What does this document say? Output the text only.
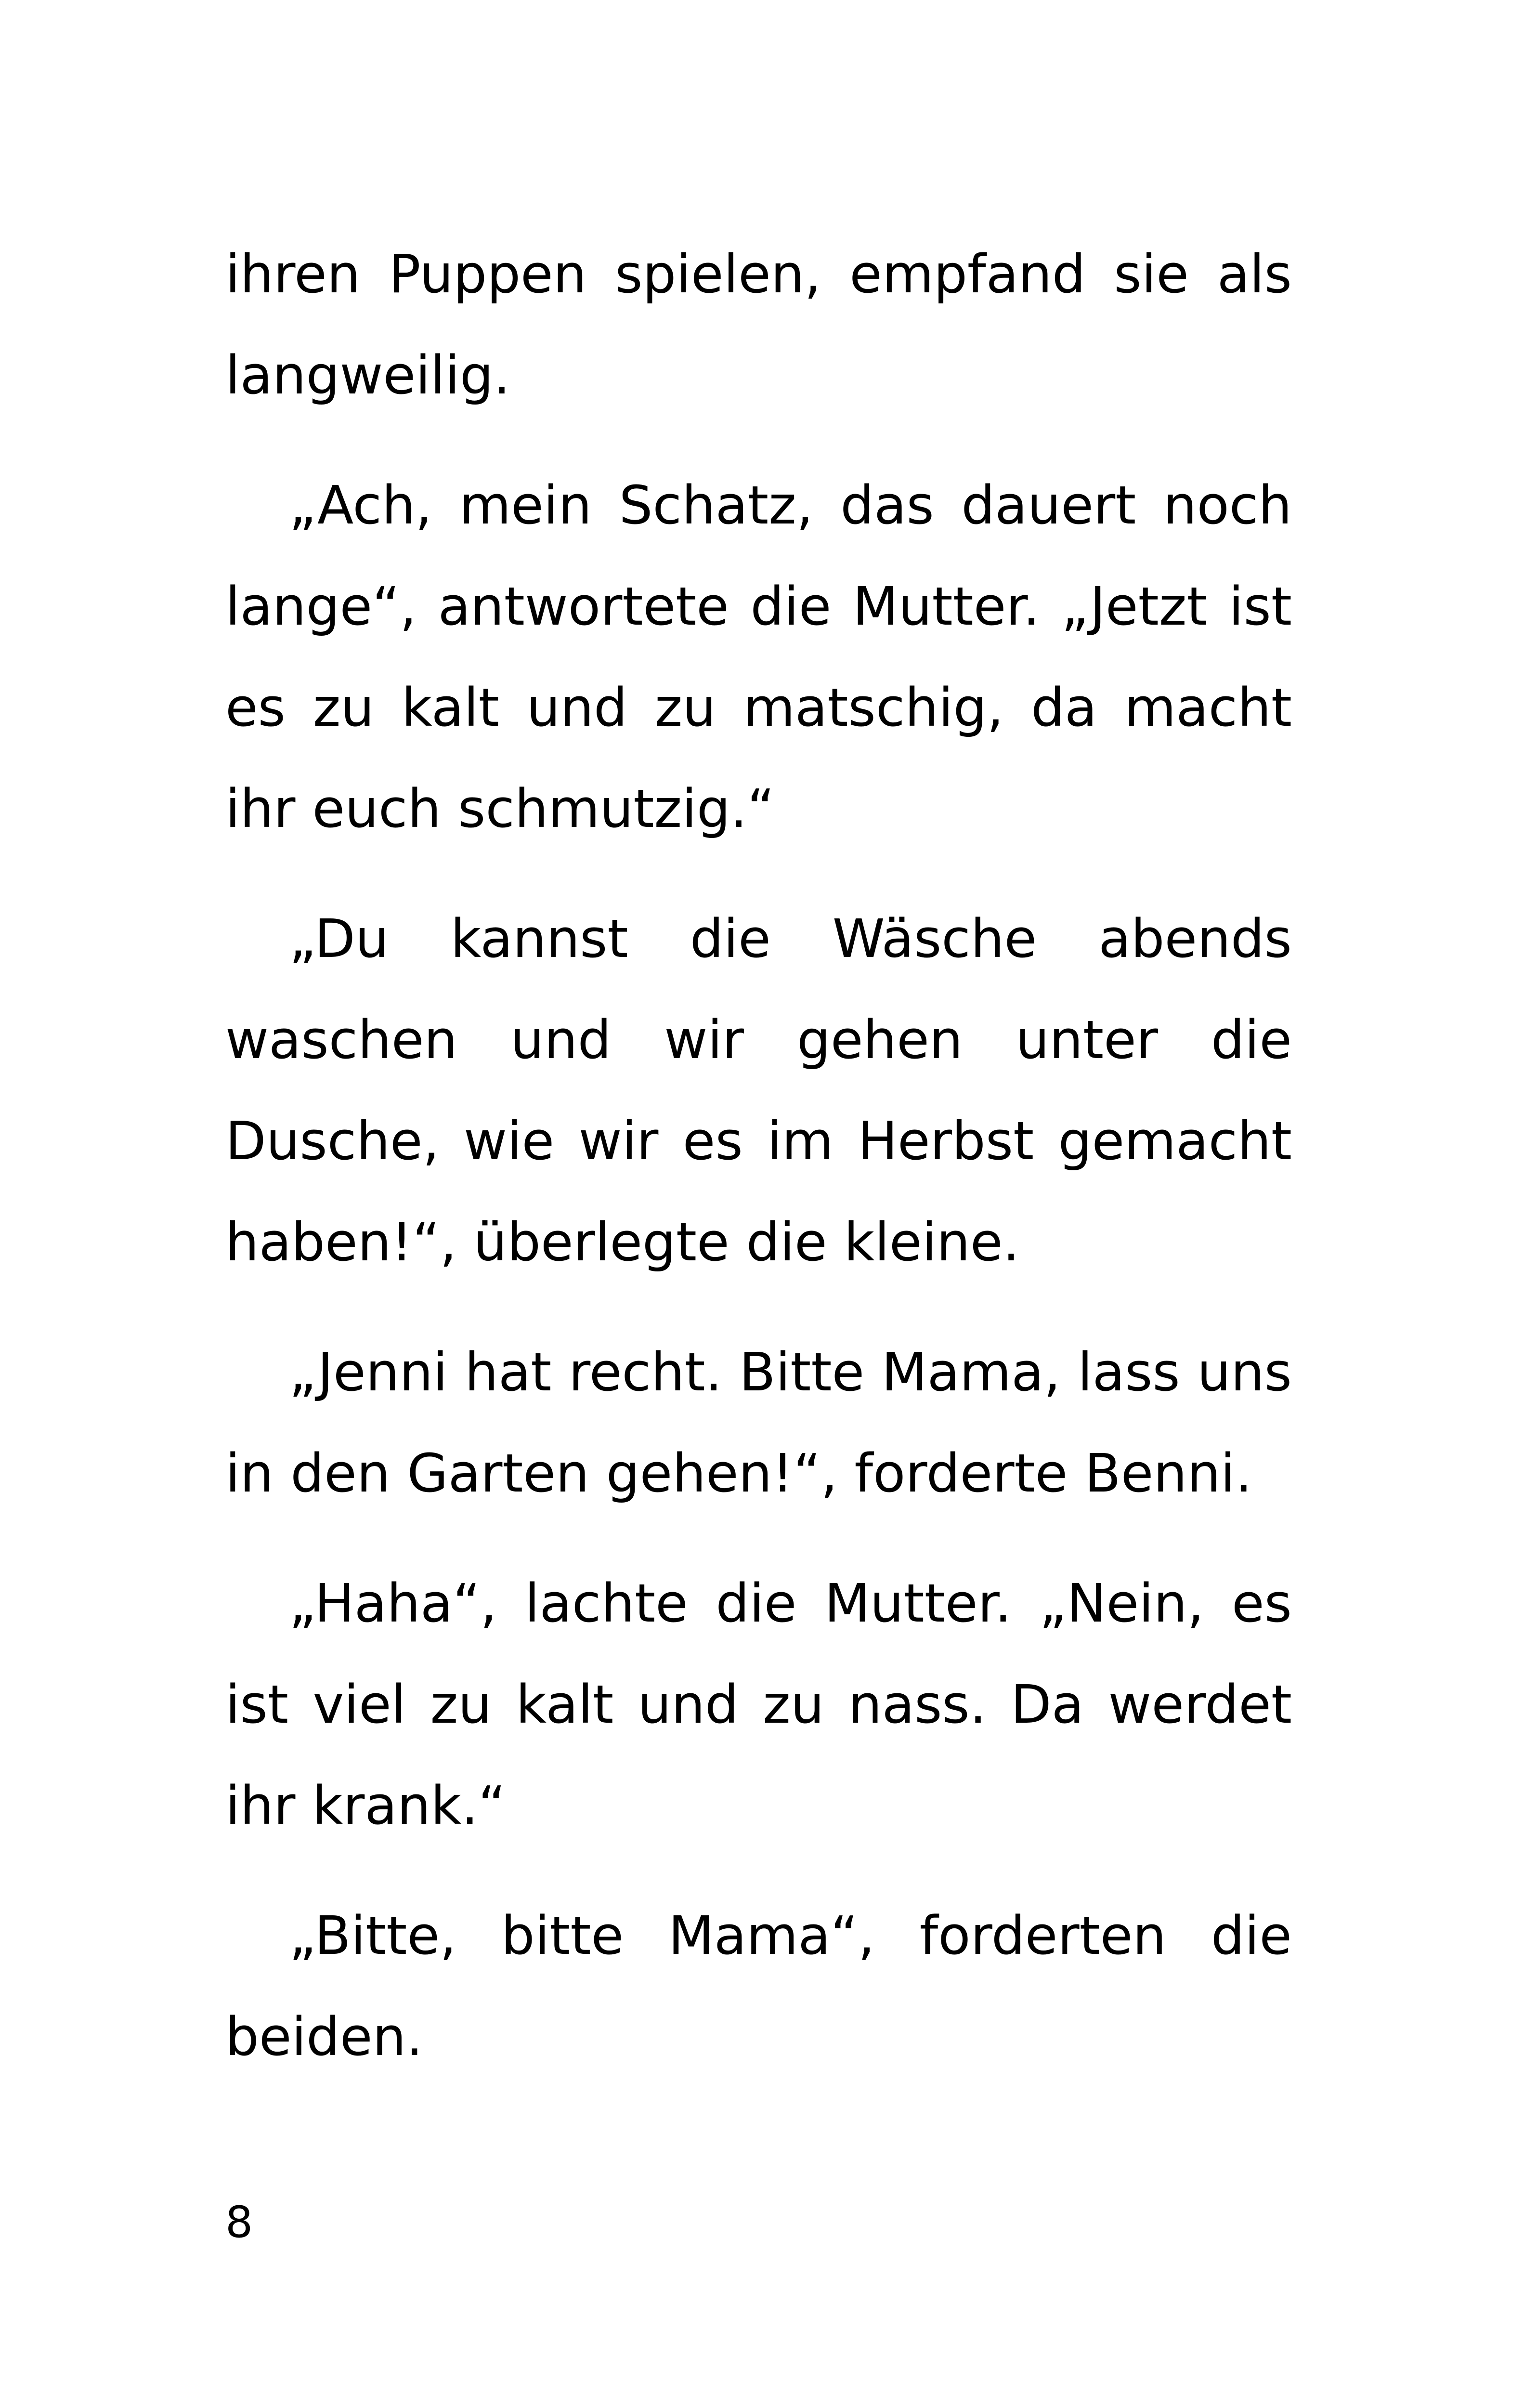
ihren Puppen spielen, empfand sie als langweilig.

„Ach, mein Schatz, das dauert noch lange“, antwortete die Mutter. „Jetzt ist es zu kalt und zu matschig, da macht ihr euch schmutzig.“

„Du kannst die Wäsche abends waschen und wir gehen unter die Dusche, wie wir es im Herbst gemacht haben!“, überlegte die kleine.

„Jenni hat recht. Bitte Mama, lass uns in den Garten gehen!“, forderte Benni.

„Haha“, lachte die Mutter. „Nein, es ist viel zu kalt und zu nass. Da werdet ihr krank.“

„Bitte, bitte Mama“, forderten die beiden.

8
